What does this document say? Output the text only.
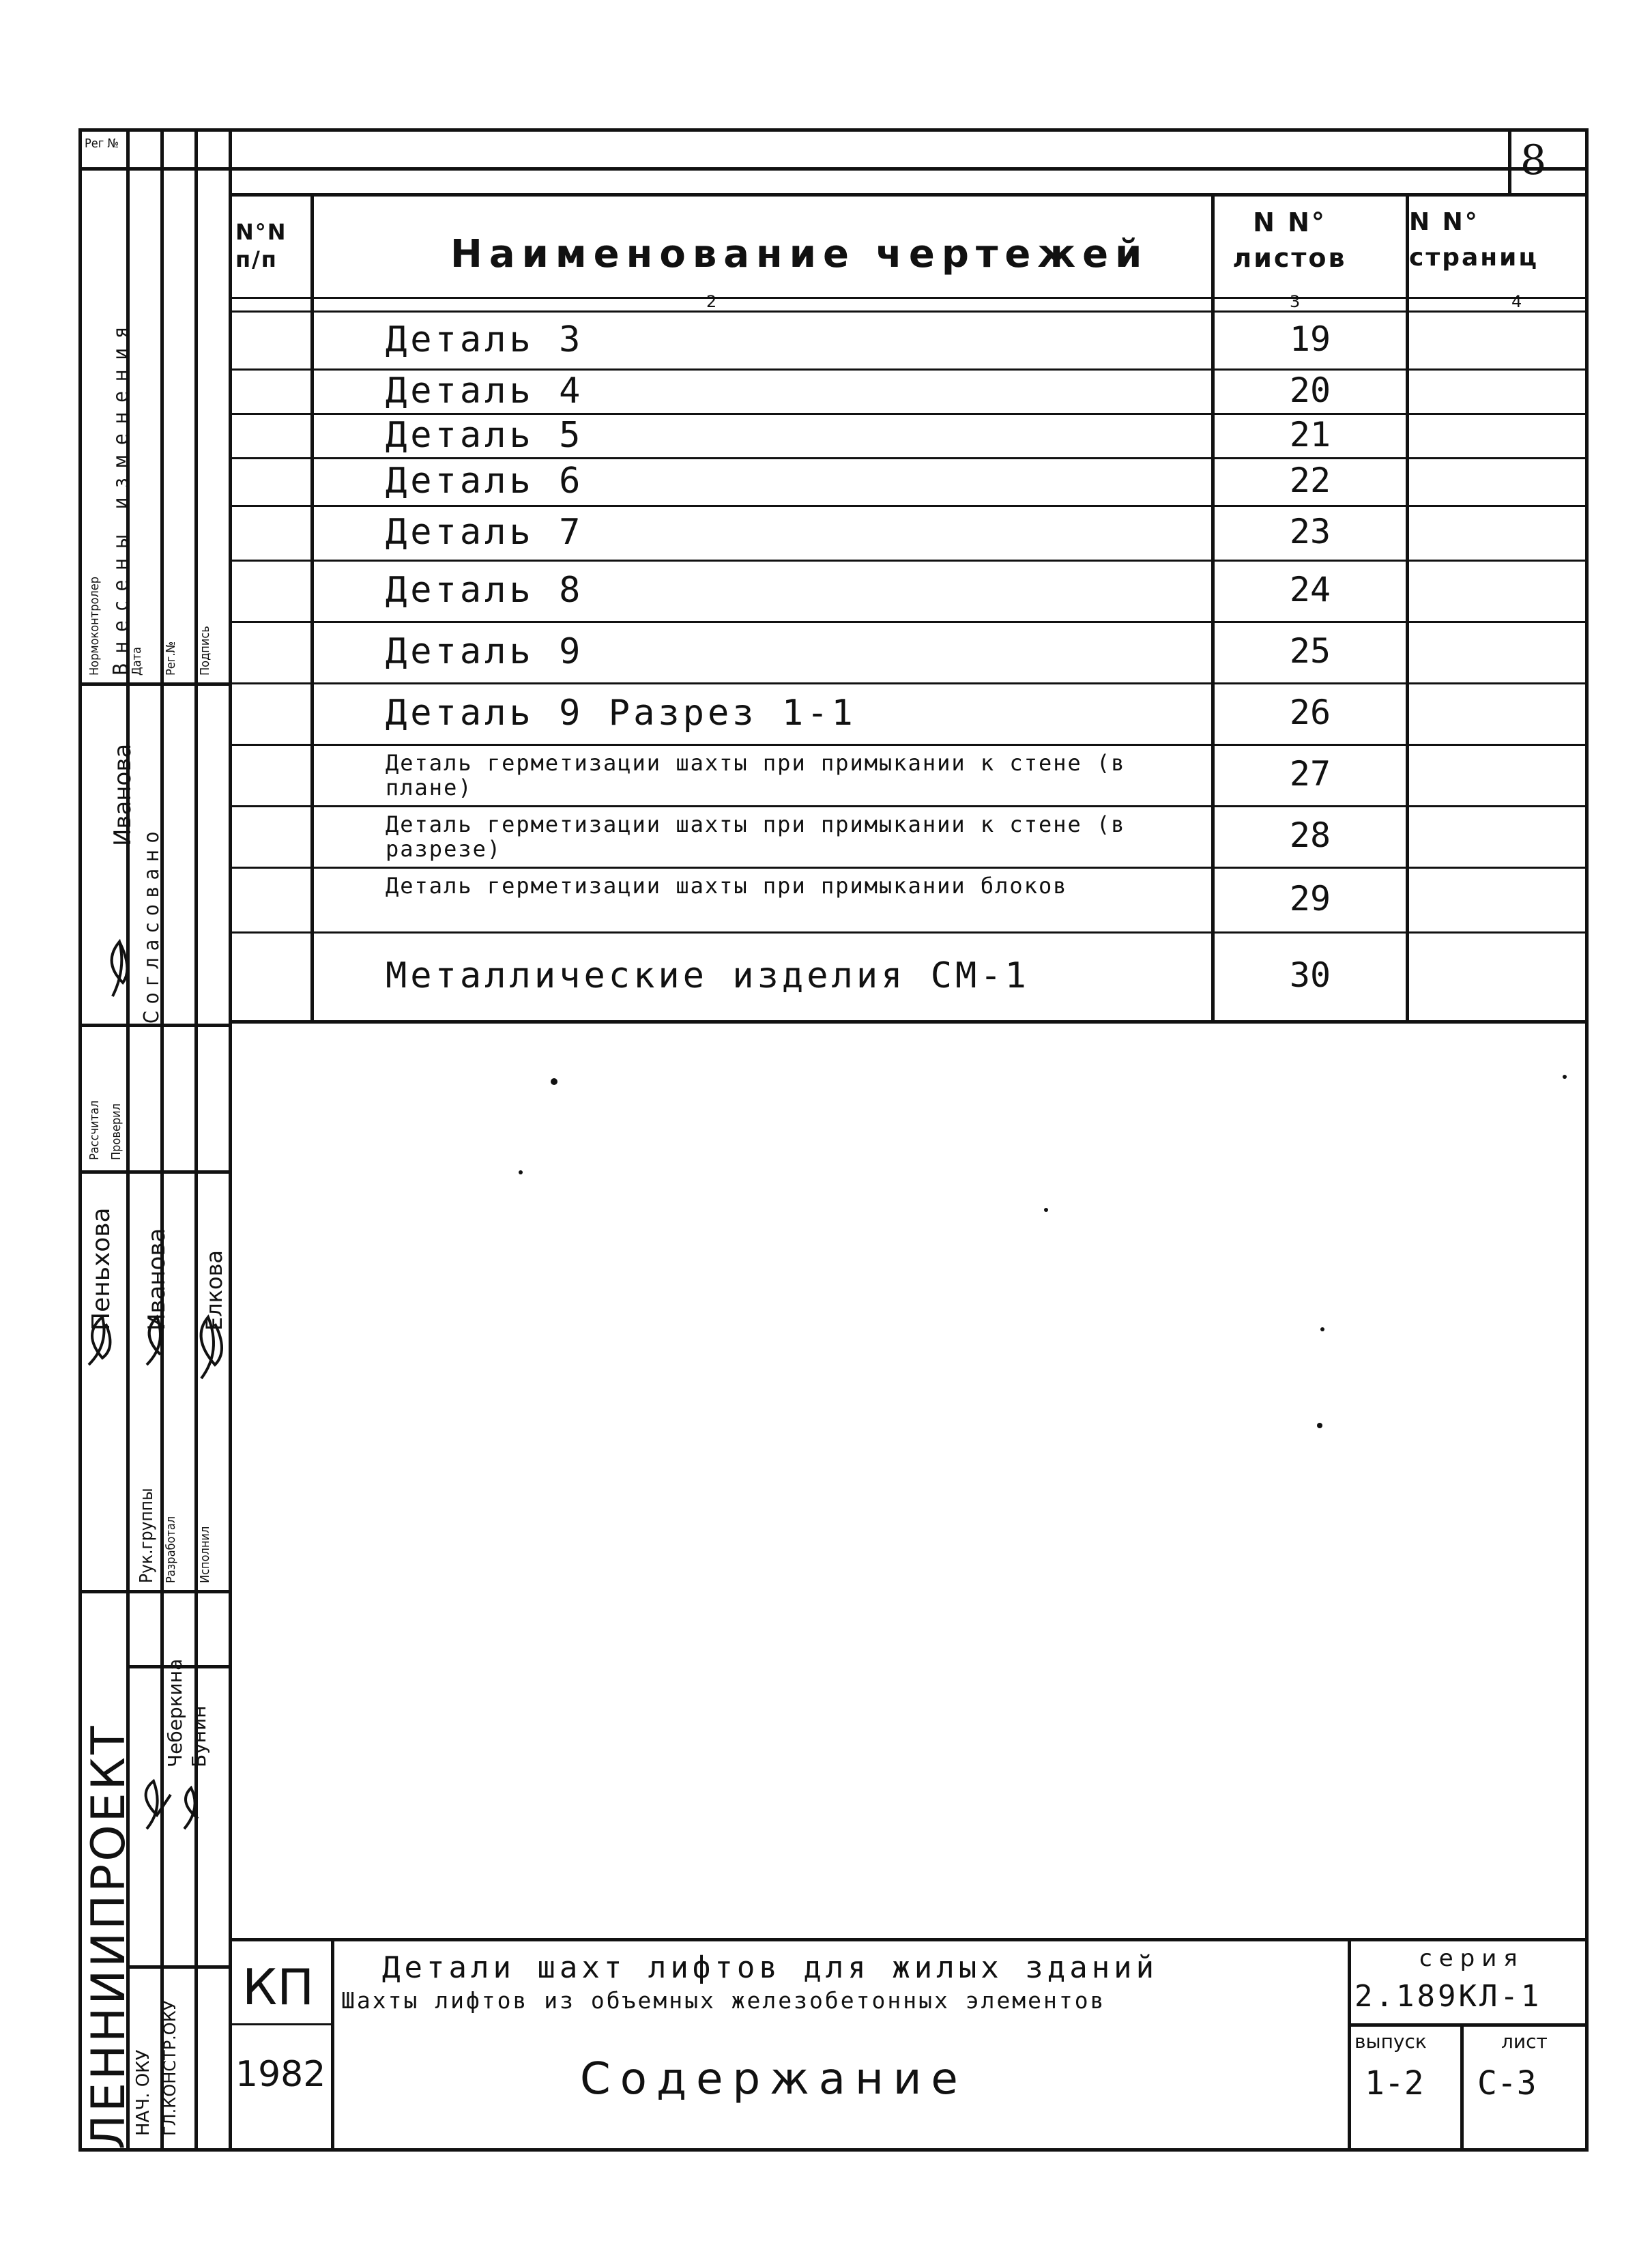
Рег №
Нормоконтролер Внесены изменения
Дата Рег.№ Подпись
Рассчитал Проверил
Согласовано
Иванова
Пеньхова Иванова Елкова
Чеберкина Бунин
Рук.группы Разработал Исполнил
НАЧ. ОКУ ГЛ.КОНСТР.ОКУ
ЛЕННИИПРОЕКТ
8
N°N п/п	Наименование чертежей
N N° листов
N N° страниц
2	3	4
Деталь 3	19
Деталь 4	20
Деталь 5	21
Деталь 6	22
Деталь 7	23
Деталь 8	24
Деталь 9	25
Деталь 9 Разрез 1-1	26
Деталь герметизации шахты при примыкании к стене (в плане)	27
Деталь герметизации шахты при примыкании к стене (в разрезе)	28
Деталь герметизации шахты при примыкании блоков	29
Металлические изделия СМ-1	30
КП
1982
Детали шахт лифтов для жилых зданий
Шахты лифтов из объемных железобетонных элементов
Содержание
серия
2.189КЛ-1
выпуск
1-2
лист
С-3
